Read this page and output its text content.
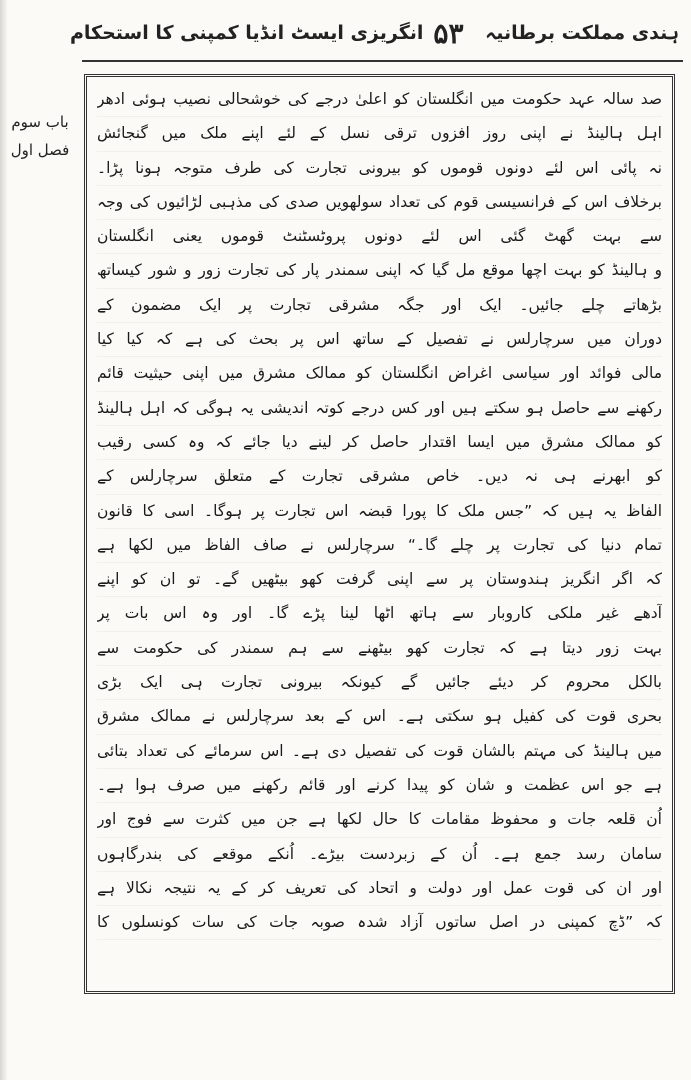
ہندی مملکت برطانیہ
۵۳
انگریزی ایسٹ انڈیا کمپنی کا استحکام
باب سوم
فصل اول
صد سالہ عہد حکومت میں انگلستان کو اعلیٰ درجے کی خوشحالی نصیب ہوئی ادھر
اہل ہالینڈ نے اپنی روز افزوں ترقی نسل کے لئے اپنے ملک میں گنجائش
نہ پائی اس لئے دونوں قوموں کو بیرونی تجارت کی طرف متوجہ ہونا پڑا۔
برخلاف اس کے فرانسیسی قوم کی تعداد سولھویں صدی کی مذہبی لڑائیوں کی وجہ
سے بہت گھٹ گئی اس لئے دونوں پروٹسٹنٹ قوموں یعنی انگلستان
و ہالینڈ کو بہت اچھا موقع مل گیا کہ اپنی سمندر پار کی تجارت زور و شور کیساتھ
بڑھاتے چلے جائیں۔ ایک اور جگہ مشرقی تجارت پر ایک مضمون کے
دوران میں سرچارلس نے تفصیل کے ساتھ اس پر بحث کی ہے کہ کیا کیا
مالی فوائد اور سیاسی اغراض انگلستان کو ممالک مشرق میں اپنی حیثیت قائم
رکھنے سے حاصل ہو سکتے ہیں اور کس درجے کوتہ اندیشی یہ ہوگی کہ اہل ہالینڈ
کو ممالک مشرق میں ایسا اقتدار حاصل کر لینے دیا جائے کہ وہ کسی رقیب
کو ابھرنے ہی نہ دیں۔ خاص مشرقی تجارت کے متعلق سرچارلس کے
الفاظ یہ ہیں کہ ”جس ملک کا پورا قبضہ اس تجارت پر ہوگا۔ اسی کا قانون
تمام دنیا کی تجارت پر چلے گا۔“ سرچارلس نے صاف الفاظ میں لکھا ہے
کہ اگر انگریز ہندوستان پر سے اپنی گرفت کھو بیٹھیں گے۔ تو ان کو اپنے
آدھے غیر ملکی کاروبار سے ہاتھ اٹھا لینا پڑے گا۔ اور وہ اس بات پر
بہت زور دیتا ہے کہ تجارت کھو بیٹھنے سے ہم سمندر کی حکومت سے
بالکل محروم کر دیئے جائیں گے کیونکہ بیرونی تجارت ہی ایک بڑی
بحری قوت کی کفیل ہو سکتی ہے۔ اس کے بعد سرچارلس نے ممالک مشرق
میں ہالینڈ کی مہتم بالشان قوت کی تفصیل دی ہے۔ اس سرمائے کی تعداد بتائی
ہے جو اس عظمت و شان کو پیدا کرنے اور قائم رکھنے میں صرف ہوا ہے۔
اُن قلعہ جات و محفوظ مقامات کا حال لکھا ہے جن میں کثرت سے فوج اور
سامان رسد جمع ہے۔ اُن کے زبردست بیڑے۔ اُنکے موقعے کی بندرگاہوں
اور ان کی قوت عمل اور دولت و اتحاد کی تعریف کر کے یہ نتیجہ نکالا ہے
کہ ”ڈچ کمپنی در اصل ساتوں آزاد شدہ صوبہ جات کی سات کونسلوں کا
